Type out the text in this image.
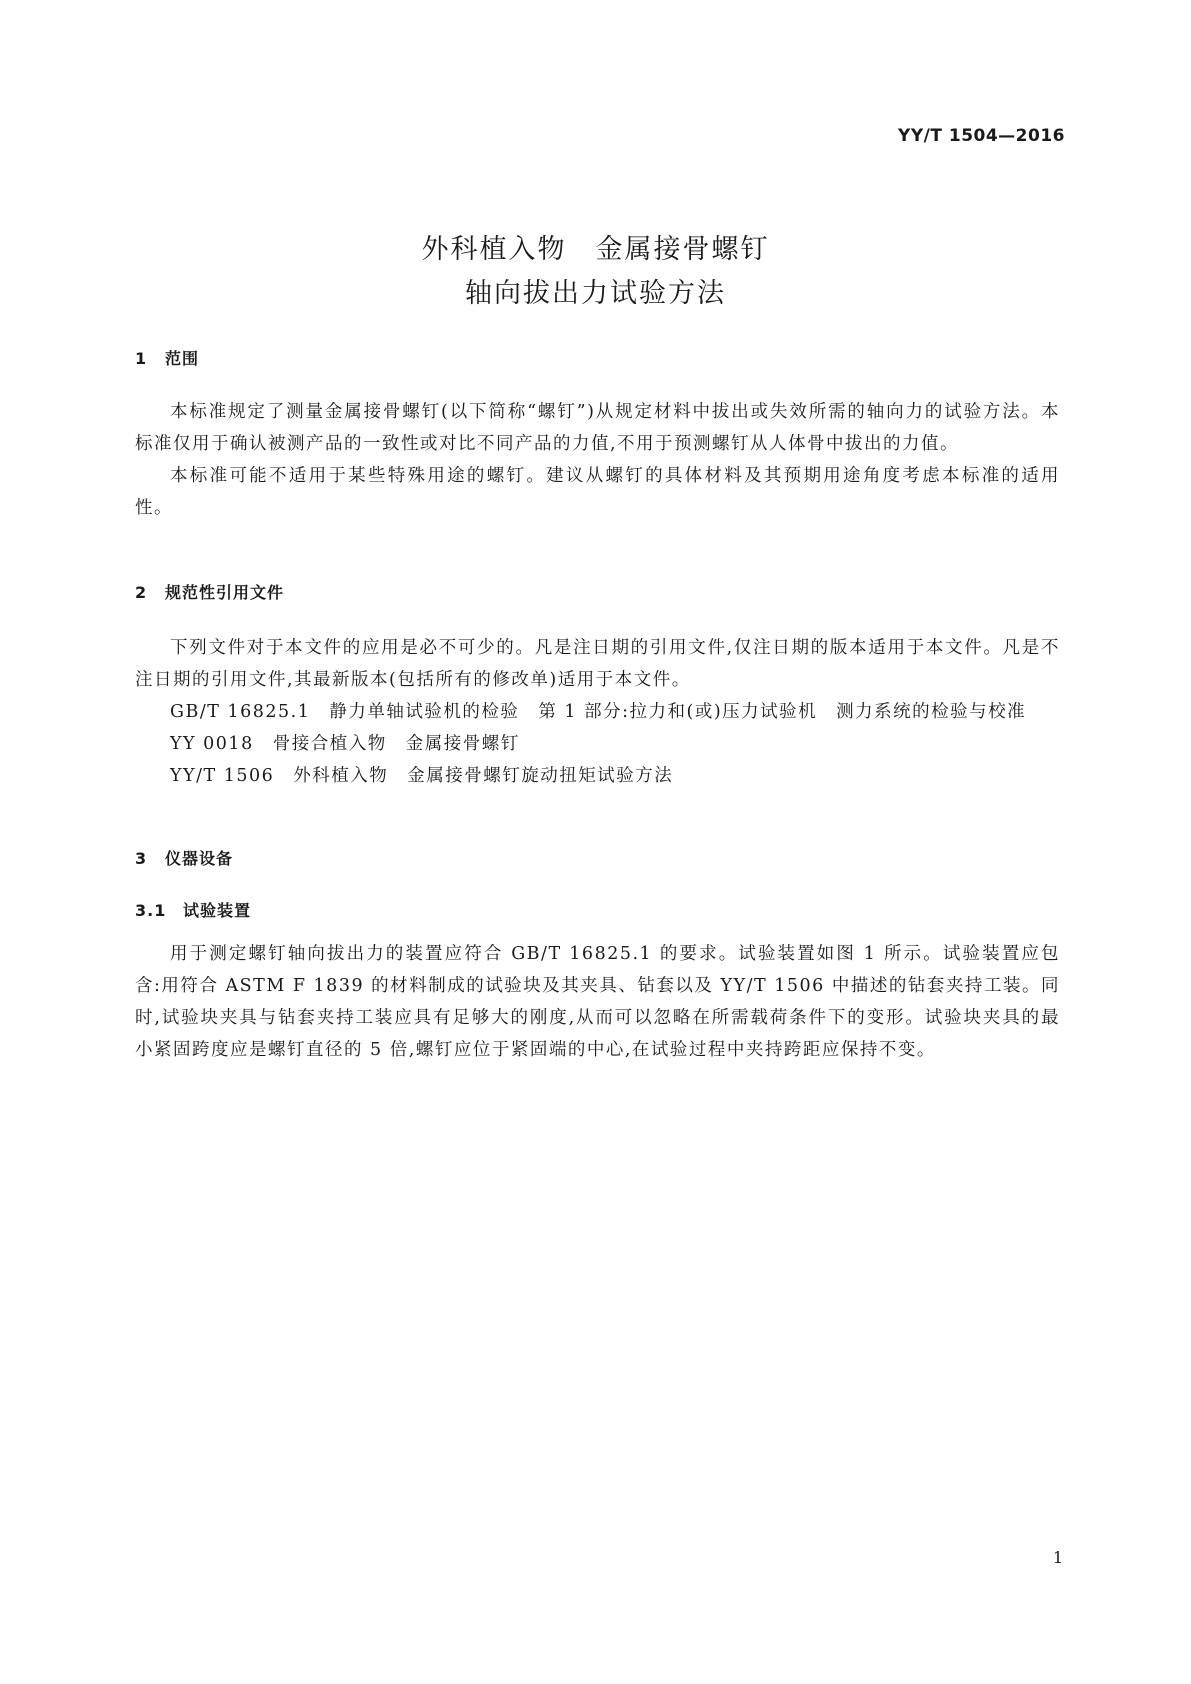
YY/T 1504—2016
外科植入物　金属接骨螺钉
轴向拔出力试验方法
1 范围

本标准规定了测量金属接骨螺钉(以下简称“螺钉”)从规定材料中拔出或失效所需的轴向力的试验方法。本标准仅用于确认被测产品的一致性或对比不同产品的力值,不用于预测螺钉从人体骨中拔出的力值。

本标准可能不适用于某些特殊用途的螺钉。建议从螺钉的具体材料及其预期用途角度考虑本标准的适用性。

2 规范性引用文件

下列文件对于本文件的应用是必不可少的。凡是注日期的引用文件,仅注日期的版本适用于本文件。凡是不注日期的引用文件,其最新版本(包括所有的修改单)适用于本文件。

GB/T 16825.1　静力单轴试验机的检验　第 1 部分:拉力和(或)压力试验机　测力系统的检验与校准

YY 0018　骨接合植入物　金属接骨螺钉

YY/T 1506　外科植入物　金属接骨螺钉旋动扭矩试验方法

3 仪器设备
3.1 试验装置

用于测定螺钉轴向拔出力的装置应符合 GB/T 16825.1 的要求。试验装置如图 1 所示。试验装置应包含:用符合 ASTM F 1839 的材料制成的试验块及其夹具、钻套以及 YY/T 1506 中描述的钻套夹持工装。同时,试验块夹具与钻套夹持工装应具有足够大的刚度,从而可以忽略在所需载荷条件下的变形。试验块夹具的最小紧固跨度应是螺钉直径的 5 倍,螺钉应位于紧固端的中心,在试验过程中夹持跨距应保持不变。

1
